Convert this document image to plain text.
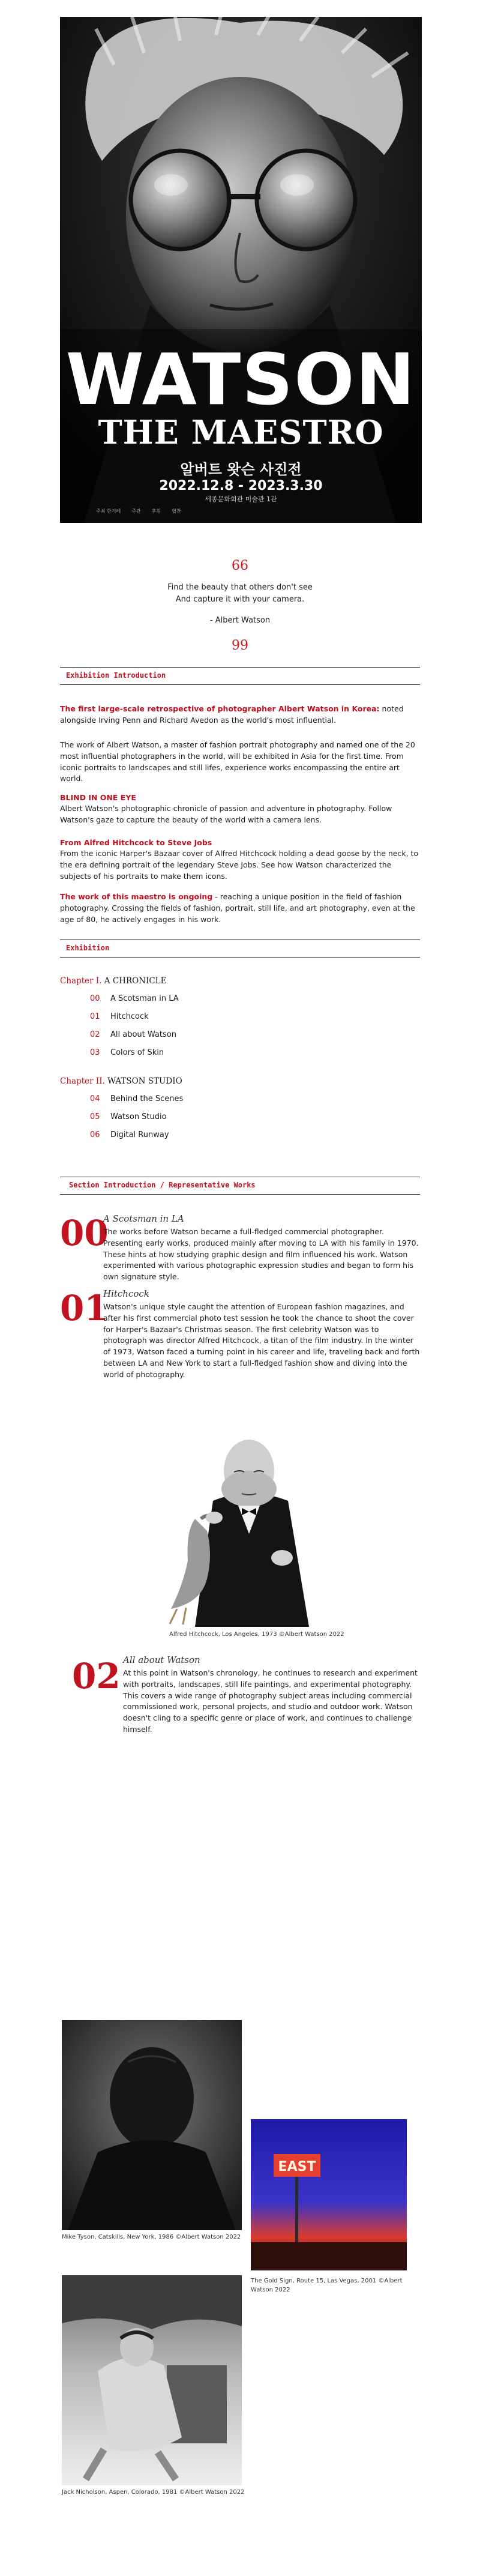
WATSON
THE MAESTRO
알버트 왓슨 사진전
2022.12.8 - 2023.3.30
세종문화회관 미술관 1관
주최 한겨레 주관 후원 협찬
66
Find the beauty that others don't see
And capture it with your camera.
- Albert Watson
99
Exhibition Introduction
The first large-scale retrospective of photographer Albert Watson in Korea: noted alongside Irving Penn and Richard Avedon as the world's most influential.
The work of Albert Watson, a master of fashion portrait photography and named one of the 20 most influential photographers in the world, will be exhibited in Asia for the first time. From iconic portraits to landscapes and still lifes, experience works encompassing the entire art world.
BLIND IN ONE EYE
Albert Watson's photographic chronicle of passion and adventure in photography. Follow Watson's gaze to capture the beauty of the world with a camera lens.
From Alfred Hitchcock to Steve Jobs
From the iconic Harper's Bazaar cover of Alfred Hitchcock holding a dead goose by the neck, to the era defining portrait of the legendary Steve Jobs. See how Watson characterized the subjects of his portraits to make them icons.
The work of this maestro is ongoing - reaching a unique position in the field of fashion photography. Crossing the fields of fashion, portrait, still life, and art photography, even at the age of 80, he actively engages in his work.
Exhibition
Chapter I. A CHRONICLE
00 A Scotsman in LA
01 Hitchcock
02 All about Watson
03 Colors of Skin
Chapter II. WATSON STUDIO
04 Behind the Scenes
05 Watson Studio
06 Digital Runway
Section Introduction / Representative Works
00
A Scotsman in LA
The works before Watson became a full-fledged commercial photographer. Presenting early works, produced mainly after moving to LA with his family in 1970. These hints at how studying graphic design and film influenced his work. Watson experimented with various photographic expression studies and began to form his own signature style.
01
Hitchcock
Watson's unique style caught the attention of European fashion magazines, and after his first commercial photo test session he took the chance to shoot the cover for Harper's Bazaar's Christmas season. The first celebrity Watson was to photograph was director Alfred Hitchcock, a titan of the film industry. In the winter of 1973, Watson faced a turning point in his career and life, traveling back and forth between LA and New York to start a full-fledged fashion show and diving into the world of photography.
Alfred Hitchcock, Los Angeles, 1973 ©Albert Watson 2022
02 All about Watson
At this point in Watson's chronology, he continues to research and experiment with portraits, landscapes, still life paintings, and experimental photography. This covers a wide range of photography subject areas including commercial commissioned work, personal projects, and studio and outdoor work. Watson doesn't cling to a specific genre or place of work, and continues to challenge himself.
Mike Tyson, Catskills, New York, 1986 ©Albert Watson 2022
EAST
The Gold Sign, Route 15, Las Vegas, 2001 ©Albert Watson 2022
Jack Nicholson, Aspen, Colorado, 1981 ©Albert Watson 2022
